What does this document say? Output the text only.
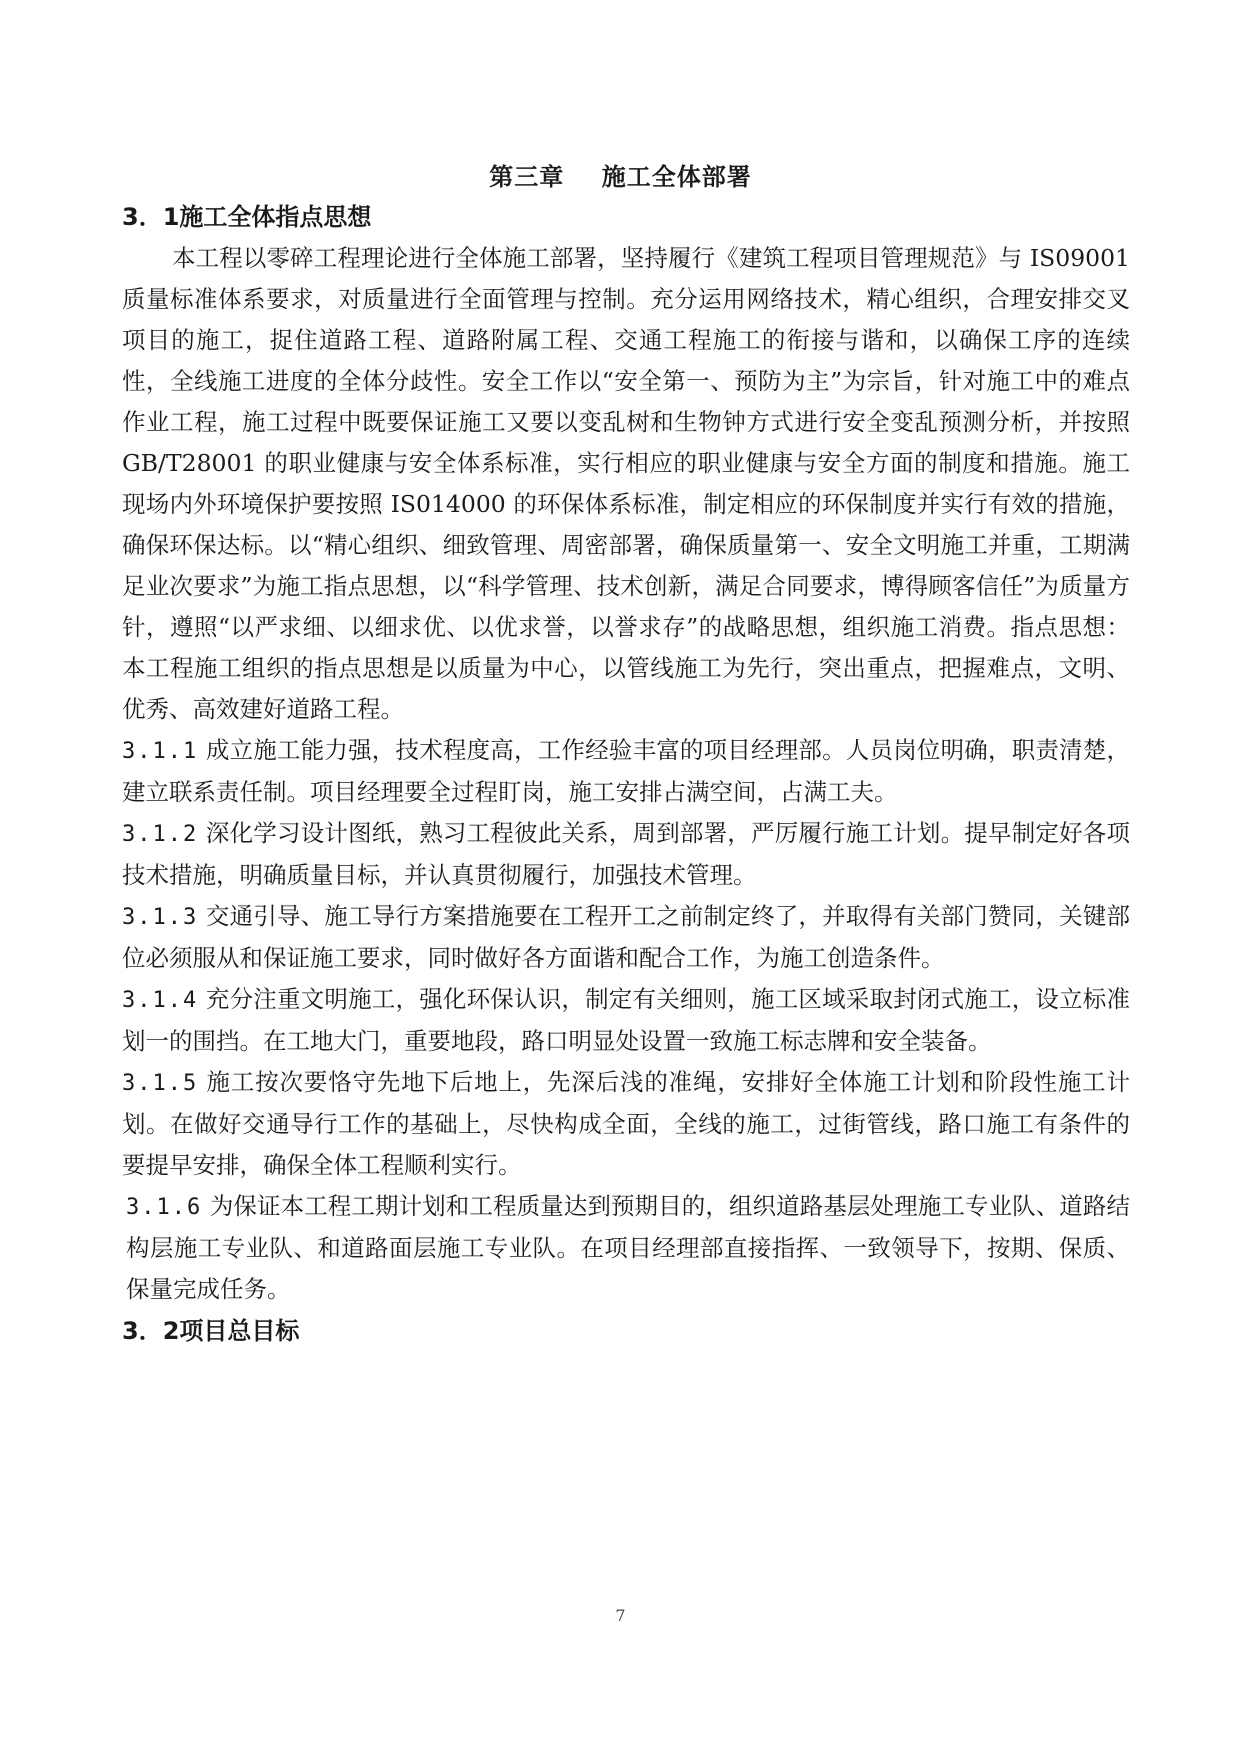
第三章    施工全体部署
3．1施工全体指点思想

本工程以零碎工程理论进行全体施工部署，坚持履行《建筑工程项目管理规范》与 IS09001 质量标准体系要求，对质量进行全面管理与控制。充分运用网络技术，精心组织，合理安排交叉项目的施工，捉住道路工程、道路附属工程、交通工程施工的衔接与谐和，以确保工序的连续性，全线施工进度的全体分歧性。安全工作以“安全第一、预防为主”为宗旨，针对施工中的难点作业工程，施工过程中既要保证施工又要以变乱树和生物钟方式进行安全变乱预测分析，并按照 GB/T28001 的职业健康与安全体系标准，实行相应的职业健康与安全方面的制度和措施。施工现场内外环境保护要按照 IS014000 的环保体系标准，制定相应的环保制度并实行有效的措施，确保环保达标。以“精心组织、细致管理、周密部署，确保质量第一、安全文明施工并重，工期满足业次要求”为施工指点思想，以“科学管理、技术创新，满足合同要求，博得顾客信任”为质量方针，遵照“以严求细、以细求优、以优求誉，以誉求存”的战略思想，组织施工消费。指点思想：本工程施工组织的指点思想是以质量为中心，以管线施工为先行，突出重点，把握难点，文明、优秀、高效建好道路工程。

3.1.1 成立施工能力强，技术程度高，工作经验丰富的项目经理部。人员岗位明确，职责清楚，建立联系责任制。项目经理要全过程盯岗，施工安排占满空间，占满工夫。

3.1.2 深化学习设计图纸，熟习工程彼此关系，周到部署，严厉履行施工计划。提早制定好各项技术措施，明确质量目标，并认真贯彻履行，加强技术管理。

3.1.3 交通引导、施工导行方案措施要在工程开工之前制定终了，并取得有关部门赞同，关键部位必须服从和保证施工要求，同时做好各方面谐和配合工作，为施工创造条件。

3.1.4 充分注重文明施工，强化环保认识，制定有关细则，施工区域采取封闭式施工，设立标准划一的围挡。在工地大门，重要地段，路口明显处设置一致施工标志牌和安全装备。

3.1.5 施工按次要恪守先地下后地上，先深后浅的准绳，安排好全体施工计划和阶段性施工计划。在做好交通导行工作的基础上，尽快构成全面，全线的施工，过街管线，路口施工有条件的要提早安排，确保全体工程顺利实行。

3.1.6 为保证本工程工期计划和工程质量达到预期目的，组织道路基层处理施工专业队、道路结构层施工专业队、和道路面层施工专业队。在项目经理部直接指挥、一致领导下，按期、保质、保量完成任务。

3．2项目总目标
7
